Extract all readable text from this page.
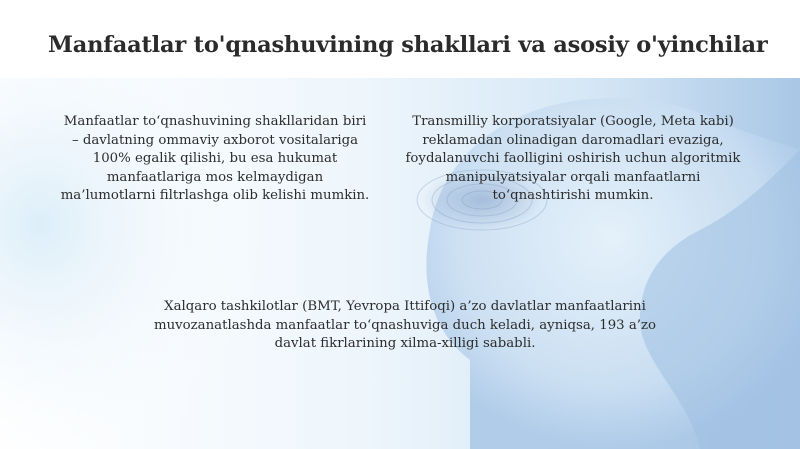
Manfaatlar to'qnashuvining shakllari va asosiy o'yinchilar

Manfaatlar to‘qnashuvining shakllaridan biri – davlatning ommaviy axborot vositalariga 100% egalik qilishi, bu esa hukumat manfaatlariga mos kelmaydigan ma’lumotlarni filtrlashga olib kelishi mumkin.

Transmilliy korporatsiyalar (Google, Meta kabi) reklamadan olinadigan daromadlari evaziga, foydalanuvchi faolligini oshirish uchun algoritmik manipulyatsiyalar orqali manfaatlarni to‘qnashtirishi mumkin.

Xalqaro tashkilotlar (BMT, Yevropa Ittifoqi) a’zo davlatlar manfaatlarini muvozanatlashda manfaatlar to‘qnashuviga duch keladi, ayniqsa, 193 a’zo davlat fikrlarining xilma-xilligi sababli.
